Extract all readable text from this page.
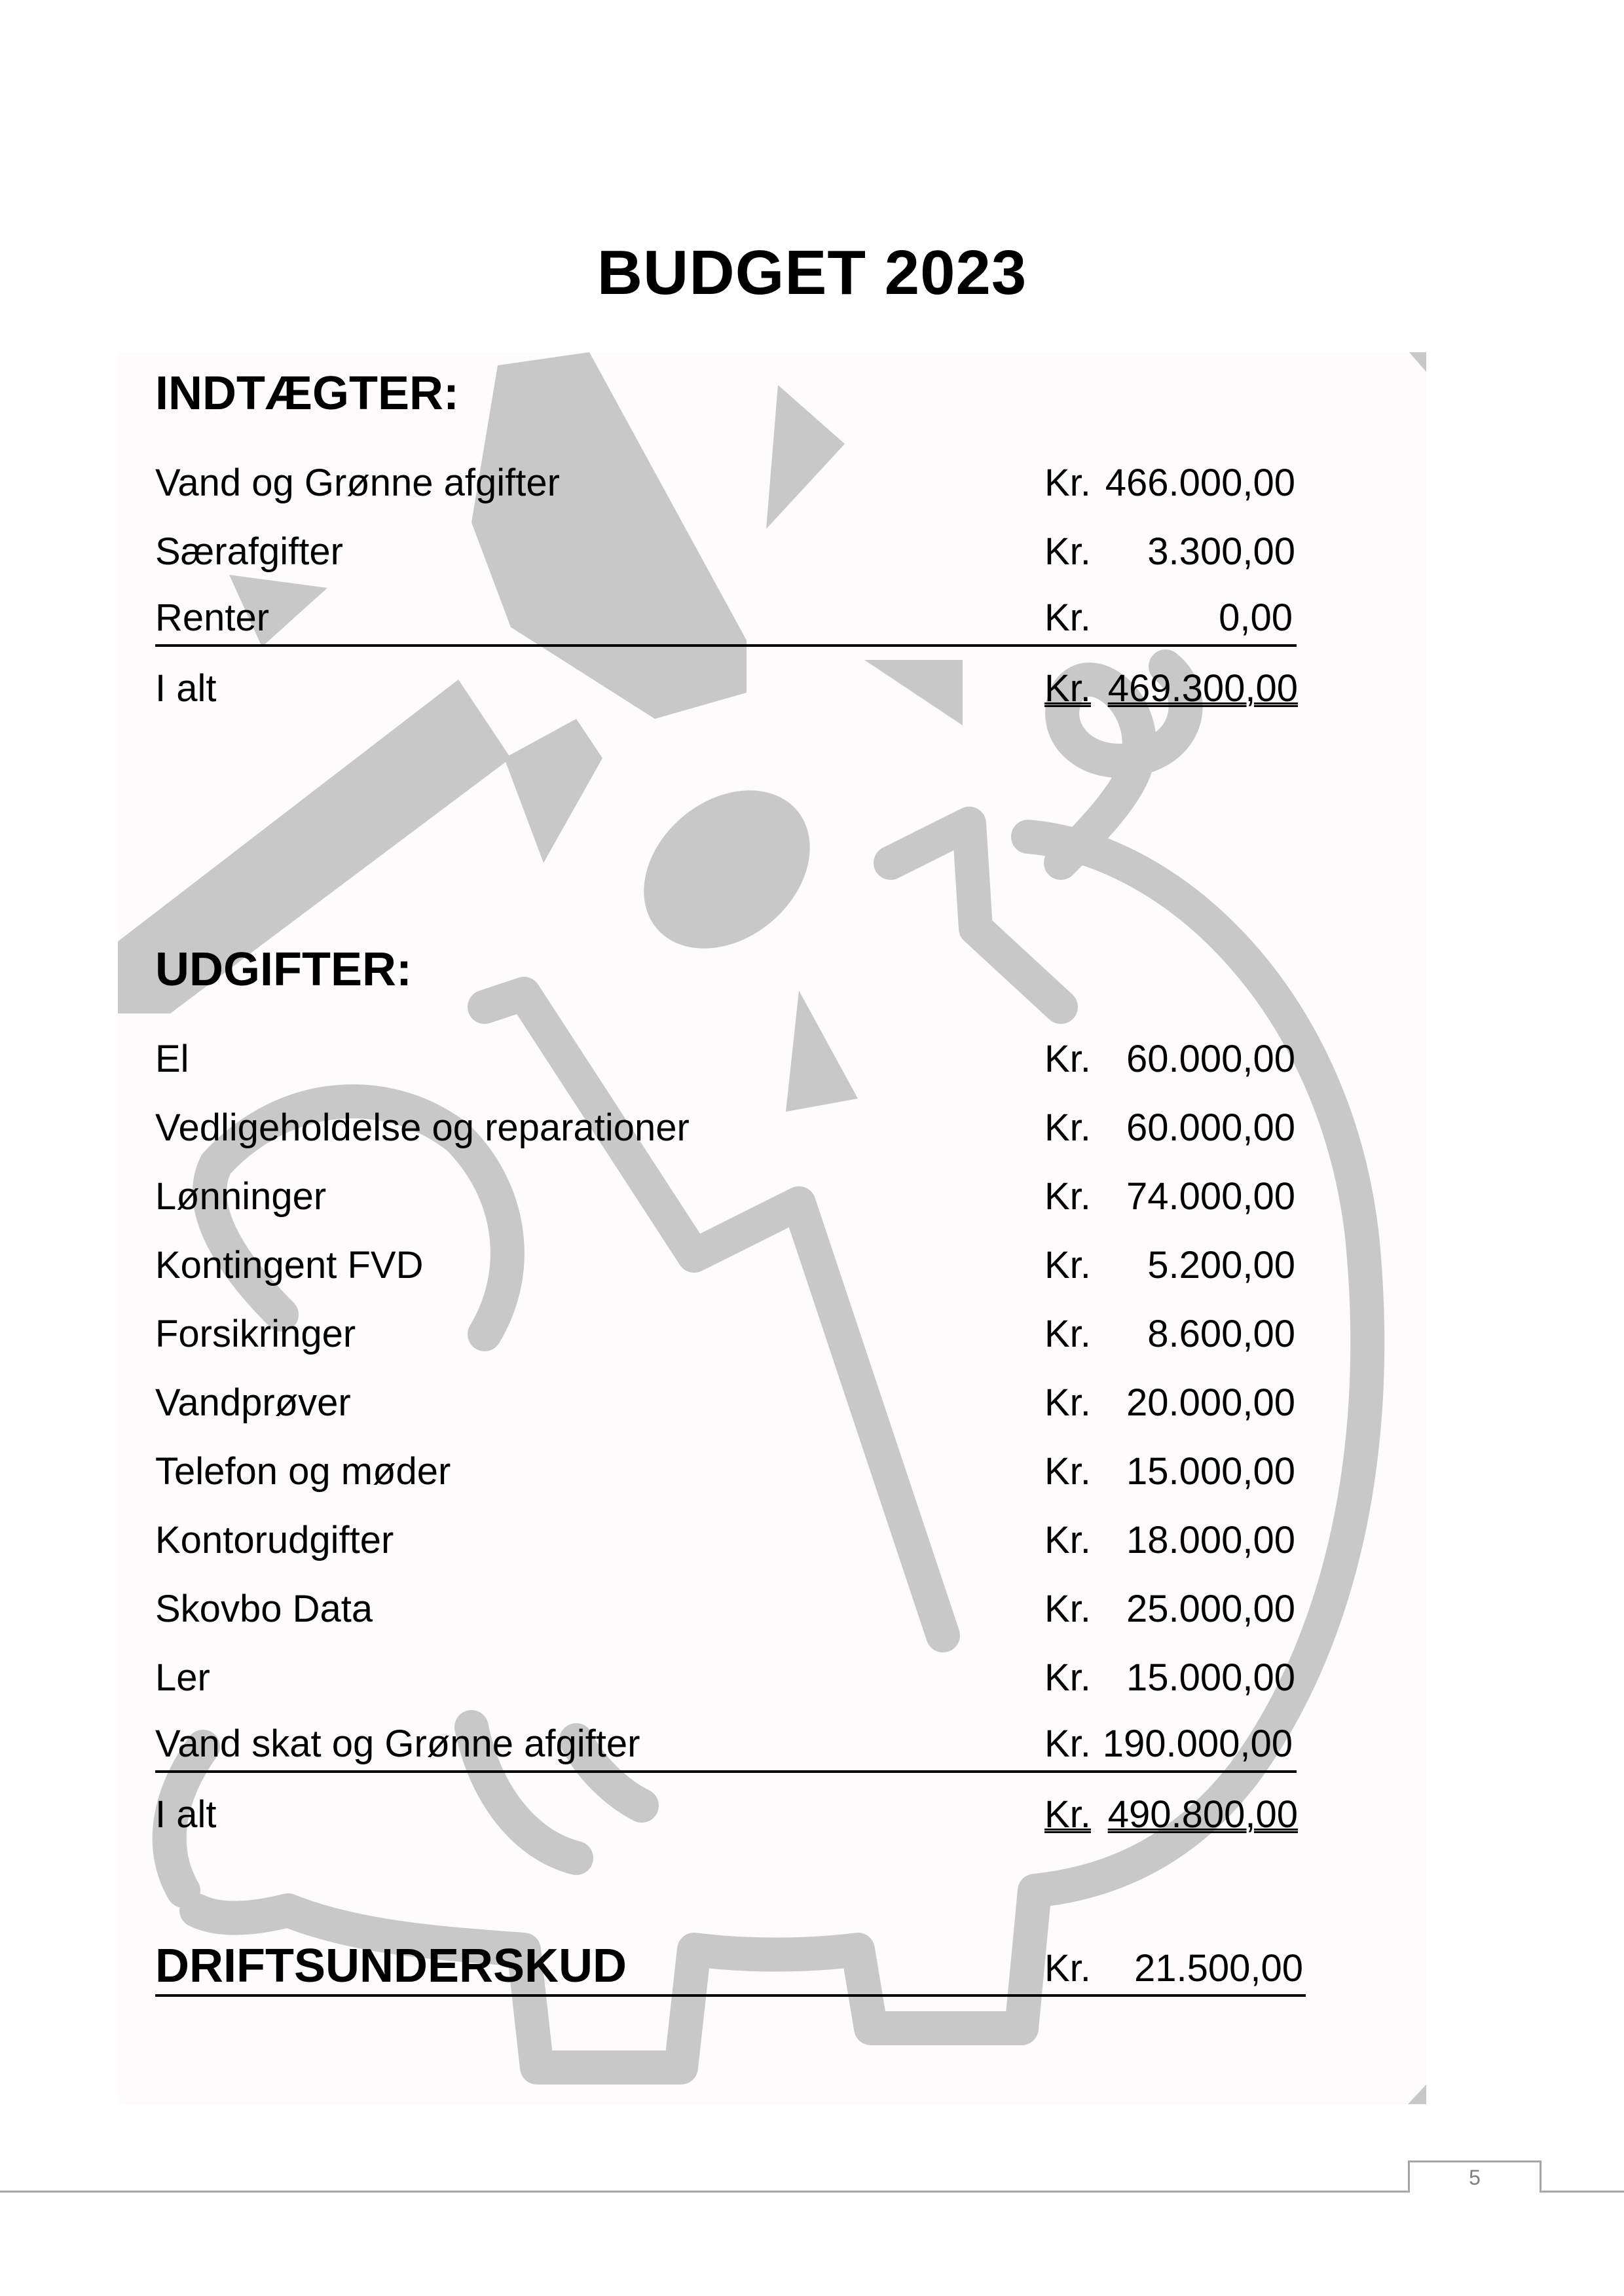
BUDGET 2023
INDTÆGTER:
Vand og Grønne afgifter	Kr. 466.000,00
Særafgifter	Kr. 3.300,00
Renter	Kr.	0,00
I alt	Kr. 469.300,00
UDGIFTER:
El	Kr. 60.000,00
Vedligeholdelse og reparationer	Kr. 60.000,00
Lønninger	Kr. 74.000,00
Kontingent FVD	Kr. 5.200,00
Forsikringer	Kr. 8.600,00
Vandprøver	Kr. 20.000,00
Telefon og møder	Kr. 15.000,00
Kontorudgifter	Kr. 18.000,00
Skovbo Data	Kr. 25.000,00
Ler	Kr. 15.000,00
Vand skat og Grønne afgifter	Kr. 190.000,00
I alt	Kr. 490.800,00
DRIFTSUNDERSKUD	Kr. 21.500,00
5
